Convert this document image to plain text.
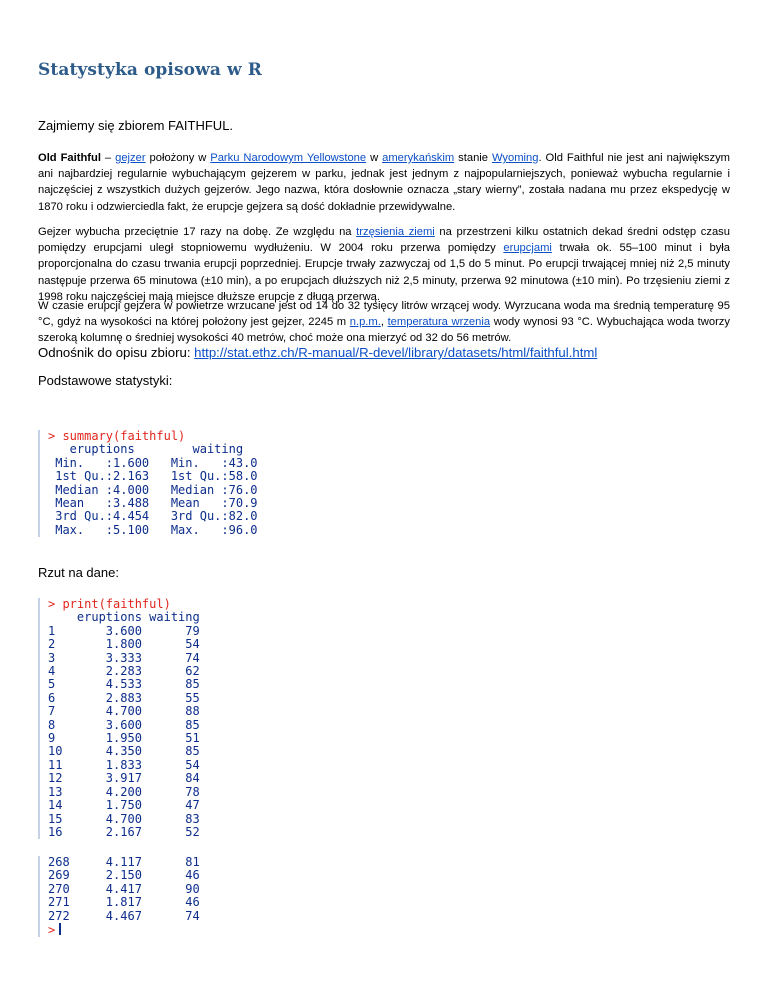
Statystyka opisowa w R

Zajmiemy się zbiorem FAITHFUL.

Old Faithful – gejzer położony w Parku Narodowym Yellowstone w amerykańskim stanie Wyoming. Old Faithful nie jest ani największym ani najbardziej regularnie wybuchającym gejzerem w parku, jednak jest jednym z najpopularniejszych, ponieważ wybucha regularnie i najczęściej z wszystkich dużych gejzerów. Jego nazwa, która dosłownie oznacza „stary wierny”, została nadana mu przez ekspedycję w 1870 roku i odzwierciedla fakt, że erupcje gejzera są dość dokładnie przewidywalne.

Gejzer wybucha przeciętnie 17 razy na dobę. Ze względu na trzęsienia ziemi na przestrzeni kilku ostatnich dekad średni odstęp czasu pomiędzy erupcjami uległ stopniowemu wydłużeniu. W 2004 roku przerwa pomiędzy erupcjami trwała ok. 55–100 minut i była proporcjonalna do czasu trwania erupcji poprzedniej. Erupcje trwały zazwyczaj od 1,5 do 5 minut. Po erupcji trwającej mniej niż 2,5 minuty następuje przerwa 65 minutowa (±10 min), a po erupcjach dłuższych niż 2,5 minuty, przerwa 92 minutowa (±10 min). Po trzęsieniu ziemi z 1998 roku najczęściej mają miejsce dłuższe erupcje z długą przerwą.

W czasie erupcji gejzera w powietrze wrzucane jest od 14 do 32 tysięcy litrów wrzącej wody. Wyrzucana woda ma średnią temperaturę 95 °C, gdyż na wysokości na której położony jest gejzer, 2245 m n.p.m., temperatura wrzenia wody wynosi 93 °C. Wybuchająca woda tworzy szeroką kolumnę o średniej wysokości 40 metrów, choć może ona mierzyć od 32 do 56 metrów.

Odnośnik do opisu zbioru: http://stat.ethz.ch/R-manual/R-devel/library/datasets/html/faithful.html

Podstawowe statystyki:

> summary(faithful)
eruptions        waiting
Min.   :1.600   Min.   :43.0
1st Qu.:2.163   1st Qu.:58.0
Median :4.000   Median :76.0
Mean   :3.488   Mean   :70.9
3rd Qu.:4.454   3rd Qu.:82.0
Max.   :5.100   Max.   :96.0

Rzut na dane:

> print(faithful)
eruptions waiting
1       3.600      79
2       1.800      54
3       3.333      74
4       2.283      62
5       4.533      85
6       2.883      55
7       4.700      88
8       3.600      85
9       1.950      51
10      4.350      85
11      1.833      54
12      3.917      84
13      4.200      78
14      1.750      47
15      4.700      83
16      2.167      52
268     4.117      81
269     2.150      46
270     4.417      90
271     1.817      46
272     4.467      74
>
